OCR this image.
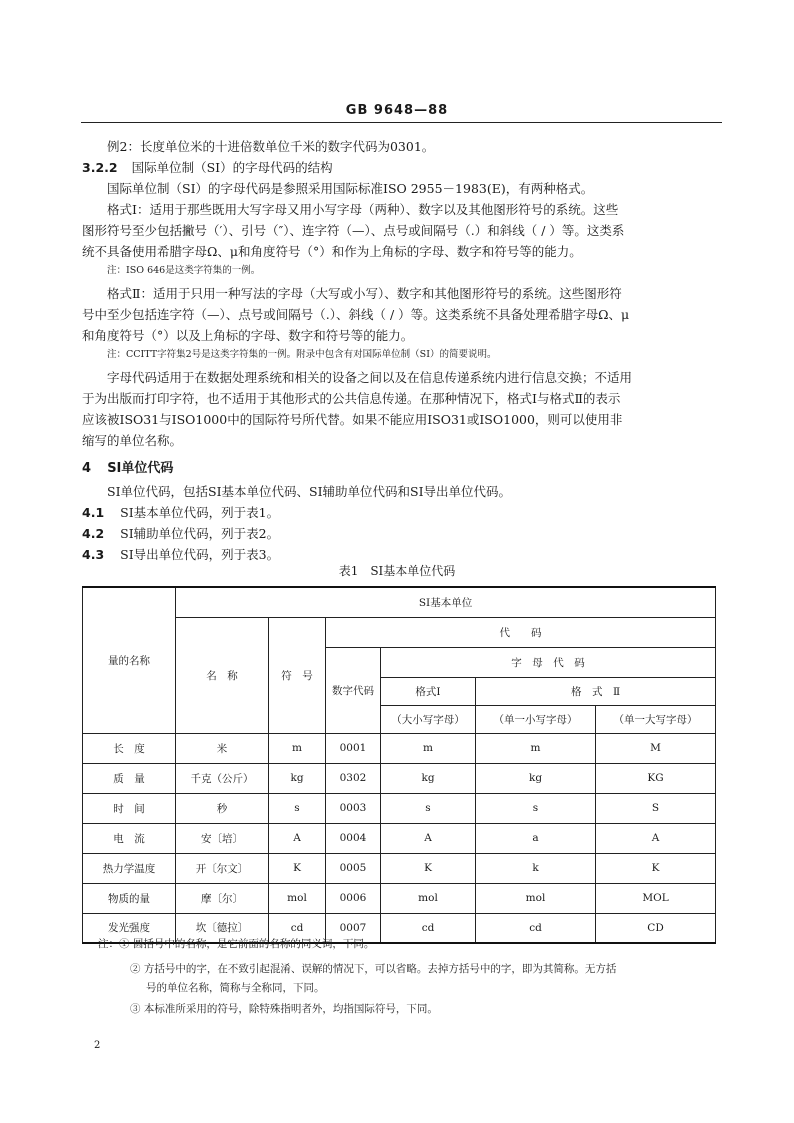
GB 9648—88
例2：长度单位米的十进倍数单位千米的数字代码为0301。
3.2.2 国际单位制（SI）的字母代码的结构
国际单位制（SI）的字母代码是参照采用国际标准ISO 2955－1983(E)，有两种格式。
格式Ⅰ：适用于那些既用大写字母又用小写字母（两种）、数字以及其他图形符号的系统。这些
图形符号至少包括撇号（′）、引号（″）、连字符（—）、点号或间隔号（.）和斜线（ / ）等。这类系
统不具备使用希腊字母Ω、μ和角度符号（°）和作为上角标的字母、数字和符号等的能力。
注：ISO 646是这类字符集的一例。
格式Ⅱ：适用于只用一种写法的字母（大写或小写）、数字和其他图形符号的系统。这些图形符
号中至少包括连字符（—）、点号或间隔号（.）、斜线（ / ）等。这类系统不具备处理希腊字母Ω、μ
和角度符号（°）以及上角标的字母、数字和符号等的能力。
注：CCITT字符集2号是这类字符集的一例。附录中包含有对国际单位制（SI）的简要说明。
字母代码适用于在数据处理系统和相关的设备之间以及在信息传递系统内进行信息交换；不适用
于为出版而打印字符，也不适用于其他形式的公共信息传递。在那种情况下，格式Ⅰ与格式Ⅱ的表示
应该被ISO31与ISO1000中的国际符号所代替。如果不能应用ISO31或ISO1000，则可以使用非
缩写的单位名称。
4 SI单位代码
SI单位代码，包括SI基本单位代码、SI辅助单位代码和SI导出单位代码。
4.1 SI基本单位代码，列于表1。
4.2 SI辅助单位代码，列于表2。
4.3 SI导出单位代码，列于表3。
表1　SI基本单位代码
量的名称	SI基本单位					
	名　称	符　号	代　　码			
			数字代码	字　母　代　码		
				格式Ⅰ	格　式　Ⅱ	
				（大小写字母）	（单一小写字母）	（单一大写字母）
长　度	米	m	0001	m	m	M
质　量	千克（公斤）	kg	0302	kg	kg	KG
时　间	秒	s	0003	s	s	S
电　流	安〔培〕	A	0004	A	a	A
热力学温度	开〔尔文〕	K	0005	K	k	K
物质的量	摩〔尔〕	mol	0006	mol	mol	MOL
发光强度	坎〔德拉〕	cd	0007	cd	cd	CD
注：① 圆括号中的名称，是它前面的名称的同义词，下同。
② 方括号中的字，在不致引起混淆、误解的情况下，可以省略。去掉方括号中的字，即为其简称。无方括
号的单位名称，简称与全称同，下同。
③ 本标准所采用的符号，除特殊指明者外，均指国际符号，下同。
2
